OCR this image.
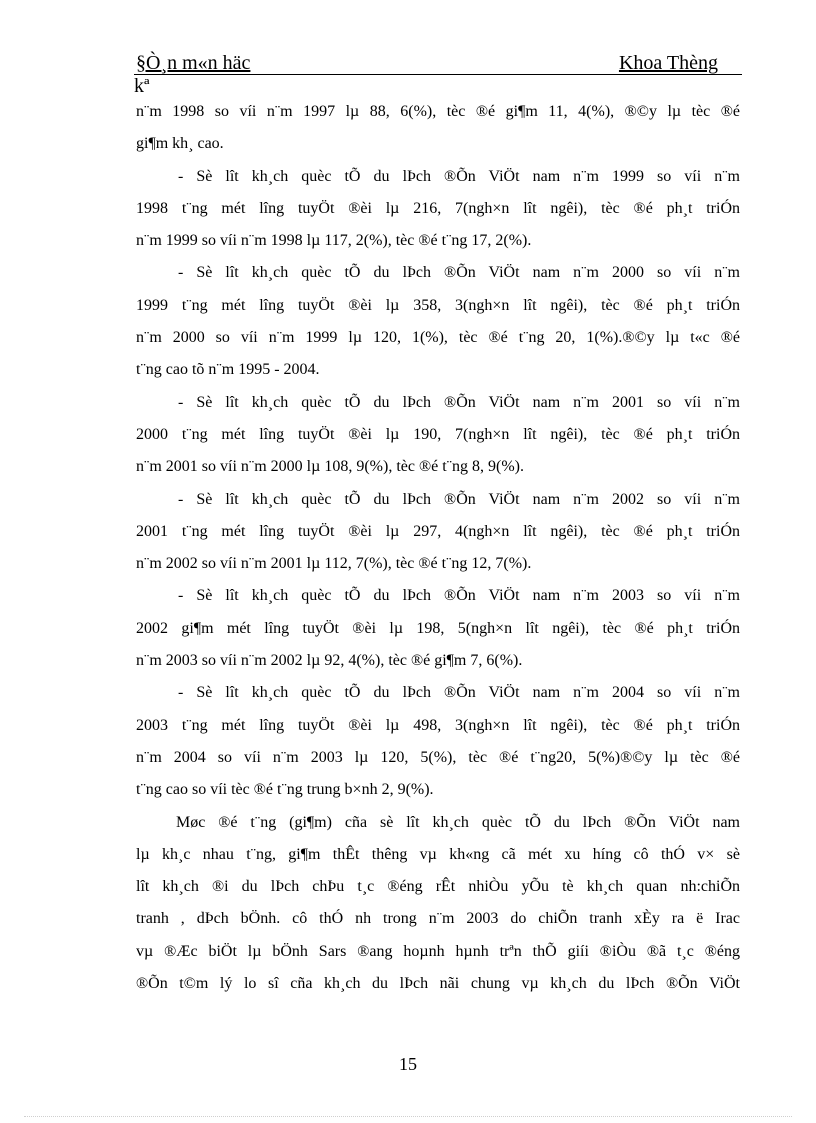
§Ò¸n m«n häc	Khoa Thèng
kª
n¨m 1998 so víi n¨m 1997 lµ 88, 6(%), tèc ®é gi¶m 11, 4(%), ®©y lµ tèc ®é
gi¶m kh¸ cao.
- Sè lît kh¸ch quèc tÕ du lÞch ®Õn ViÖt nam n¨m 1999 so víi n¨m
1998 t¨ng mét lîng tuyÖt ®èi lµ 216, 7(ngh×n lît ngêi), tèc ®é ph¸t triÓn
n¨m 1999 so víi n¨m 1998 lµ 117, 2(%), tèc ®é t¨ng 17, 2(%).
- Sè lît kh¸ch quèc tÕ du lÞch ®Õn ViÖt nam n¨m 2000 so víi n¨m
1999 t¨ng mét lîng tuyÖt ®èi lµ 358, 3(ngh×n lît ngêi), tèc ®é ph¸t triÓn
n¨m 2000 so víi n¨m 1999 lµ 120, 1(%), tèc ®é t¨ng 20, 1(%).®©y lµ t«c ®é
t¨ng cao tõ n¨m 1995 - 2004.
- Sè lît kh¸ch quèc tÕ du lÞch ®Õn ViÖt nam n¨m 2001 so víi n¨m
2000 t¨ng mét lîng tuyÖt ®èi lµ 190, 7(ngh×n lît ngêi), tèc ®é ph¸t triÓn
n¨m 2001 so víi n¨m 2000 lµ 108, 9(%), tèc ®é t¨ng 8, 9(%).
- Sè lît kh¸ch quèc tÕ du lÞch ®Õn ViÖt nam n¨m 2002 so víi n¨m
2001 t¨ng mét lîng tuyÖt ®èi lµ 297, 4(ngh×n lît ngêi), tèc ®é ph¸t triÓn
n¨m 2002 so víi n¨m 2001 lµ 112, 7(%), tèc ®é t¨ng 12, 7(%).
- Sè lît kh¸ch quèc tÕ du lÞch ®Õn ViÖt nam n¨m 2003 so víi n¨m
2002 gi¶m mét lîng tuyÖt ®èi lµ 198, 5(ngh×n lît ngêi), tèc ®é ph¸t triÓn
n¨m 2003 so víi n¨m 2002 lµ 92, 4(%), tèc ®é gi¶m 7, 6(%).
- Sè lît kh¸ch quèc tÕ du lÞch ®Õn ViÖt nam n¨m 2004 so víi n¨m
2003 t¨ng mét lîng tuyÖt ®èi lµ 498, 3(ngh×n lît ngêi), tèc ®é ph¸t triÓn
n¨m 2004 so víi n¨m 2003 lµ 120, 5(%), tèc ®é t¨ng20, 5(%)®©y lµ tèc ®é
t¨ng cao so víi tèc ®é t¨ng trung b×nh 2, 9(%).
Møc ®é t¨ng (gi¶m) cña sè lît kh¸ch quèc tÕ du lÞch ®Õn ViÖt nam
lµ kh¸c nhau t¨ng, gi¶m thÊt thêng vµ kh«ng cã mét xu híng cô thÓ v× sè
lît kh¸ch ®i du lÞch chÞu t¸c ®éng rÊt nhiÒu yÕu tè kh¸ch quan nh:chiÕn
tranh , dÞch bÖnh. cô thÓ nh trong n¨m 2003 do chiÕn tranh xÈy ra ë Irac
vµ ®Æc biÖt lµ bÖnh Sars ®ang hoµnh hµnh trªn thÕ giíi ®iÒu ®ã t¸c ®éng
®Õn t©m lý lo sî cña kh¸ch du lÞch nãi chung vµ kh¸ch du lÞch ®Õn ViÖt
15
